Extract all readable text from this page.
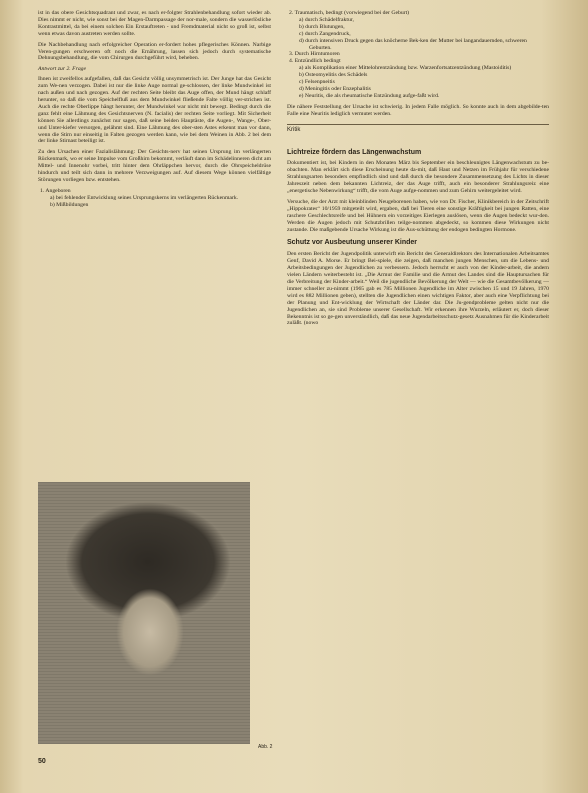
ist in das obere Gesichtsquadrant und zwar, es nach er-folgter Strahlenbehandlung sofort wieder ab. Dies nimmt er nicht, wie sonst bei der Magen-Darmpassage der nor-male, sondern die wasserlösliche Kontrastmittel, da bei einem solchen Ein Erstauftreten - und Fremdmaterial nicht so groß ist, selbst wenn etwas davon austreten werden sollte.

Die Nachbehandlung nach erfolgreicher Operation er-fordert hohes pflegerisches Können. Narbige Veren-gungen erschweren oft noch die Ernährung, lassen sich jedoch durch systematische Dehnungsbehandlung, die vom Chirurgen durchgeführt wird, beheben.

Antwort zur 2. Frage

Ihnen ist zweifellos aufgefallen, daß das Gesicht völlig unsymmetrisch ist. Der Junge hat das Gesicht zum We-nen verzogen. Dabei ist nur die linke Auge normal ge-schlossen, der linke Mundwinkel ist nach außen und nach gezogen. Auf der rechten Seite bleibt das Auge offen, der Mund hängt schlaff herunter, so daß die vom Speichelfluß aus dem Mundwinkel fließende Falte völlig ver-strichen ist. Auch die rechte Oberlippe hängt herunter, der Mundwinkel war nicht mit bewegt. Bedingt durch die ganz fehlt eine Lähmung des Gesichtsnerven (N. facialis) der rechten Seite vorliegt. Mit Sicherheit können Sie allerdings zunächst nur sagen, daß seine beiden Hauptäste, die Augen-, Wange-, Ober- und Unter-kiefer versorgen, gelähmt sind. Eine Lähmung des ober-sten Astes erkennt man vor dann, wenn die Stirn nur einseitig in Falten gezogen werden kann, wie bei dem Weinen in Abb. 2 bei dem der linke Stirnast beteiligt ist.

Zu den Ursachen einer Fazialislähmung: Der Gesichts-nerv hat seinen Ursprung im verlängerten Rückenmark, wo er seine Impulse vom Großhirn bekommt, verläuft dann im Schädelinneren dicht am Mittel- und Innenohr vorbei, tritt hinter dem Ohrläppchen hervor, durch die Ohrspeicheldrüse hindurch und teilt sich dann in mehrere Verzweigungen auf. Auf diesem Wege können vielfältige Störungen vorliegen bzw. entstehen.

1. Angeboren
a) bei fehlender Entwicklung seines Ursprungskerns im verlängerten Rückenmark.
b) Mißbildungen
Abb. 2
50
2. Traumatisch, bedingt (vorwiegend bei der Geburt)
a) durch Schädelfraktur,
b) durch Blutungen,
c) durch Zangendruck,
d) durch intensiven Druck gegen das knöcherne Bek-ken der Mutter bei langandauernden, schweren Geburten.
3. Durch Hirntumoren
4. Entzündlich bedingt
a) als Komplikation einer Mittelohrentzündung bzw. Warzenfortsatzentzündung (Mastoiditis)
b) Osteomyelitis des Schädels
c) Felsenpneitis
d) Meningitis oder Enzephalitis
e) Neuritis, die als rheumatische Entzündung aufge-faßt wird.

Die nähere Feststellung der Ursache ist schwierig. In jedem Falle möglich. So konnte auch in dem abgebilde-ten Falle eine Neuritis lediglich vermutet werden.

Kritik
Lichtreize fördern das Längenwachstum

Dokumentiert ist, bei Kindern in den Monaten März bis September ein beschleunigtes Längenwachstum zu be-obachten. Man erklärt sich diese Erscheinung heute da-mit, daß Haut und Netzen im Frühjahr für verschiedene Strahlungsarten besonders empfindlich sind und daß durch die besondere Zusammensetzung des Lichts in dieser Jahreszeit neben dem bekannten Lichtreiz, der das Auge trifft, auch ein besonderer Strahlungsreiz eine „energetische Nebenwirkung“ trifft, die vom Auge aufge-nommen und zum Gehirn weitergeleitet wird.

Versuche, die der Arzt mit kleinblinden Neugeborenen haben, wie von Dr. Fischer, Klinikbereich in der Zeitschrift „Hippokrates“ 10/1959 mitgeteilt wird, ergaben, daß bei Tieren eine sonstige Kräftigkeit bei jungen Ratten, eine raschere Geschlechtsreife und bei Hühnern ein vorzeitiges Eierlegen auslösen, wenn die Augen bedeckt wur-den. Werden die Augen jedoch mit Schutzbrillen teilge-nommen abgedeckt, so kommen diese Wirkungen nicht zustande. Die maßgebende Ursache Wirkung ist die Aus-schüttung der endogen bedingten Hormone.

Schutz vor Ausbeutung unserer Kinder

Den ersten Bericht der Jugendpolitik unterwirft ein Bericht des Generaldirektors des Internationalen Arbeitsamtes Genf, David A. Morse. Er bringt Bei-spiele, die zeigen, daß manchen jungen Menschen, um die Lebens- und Arbeitsbedingungen der Jugendlichen zu verbessern. Jedoch herrscht er auch von der Kinder-arbeit, die andern vielen Ländern weiterbesteht ist. „Die Armut der Familie und die Armut des Landes sind die Hauptursachen für die Verbreitung der Kinder-arbeit.“ Weil die jugendliche Bevölkerung der Welt — wie die Gesamtbevölkerung — immer schneller zu-nimmt (1965 gab es 785 Millionen Jugendliche im Alter zwischen 15 und 19 Jahren, 1970 wird es 882 Millionen geben), stellten die Jugendlichen einen wichtigen Faktor, aber auch eine Verpflichtung bei der Planung und Ent-wicklung der Wirtschaft der Länder dar. Die Ju-gendprobleme gelten nicht nur die Jugendlichen an, sie sind Probleme unserer Gesellschaft. Wir erkennen ihre Wurzeln, erläutert er, doch dieser Bekenntnis ist so ge-gen unverständlich, daß das neue Jugendarbeitsschutz-gesetz Ausnahmen für die Kinderarbeit zuläßt. (nowo
